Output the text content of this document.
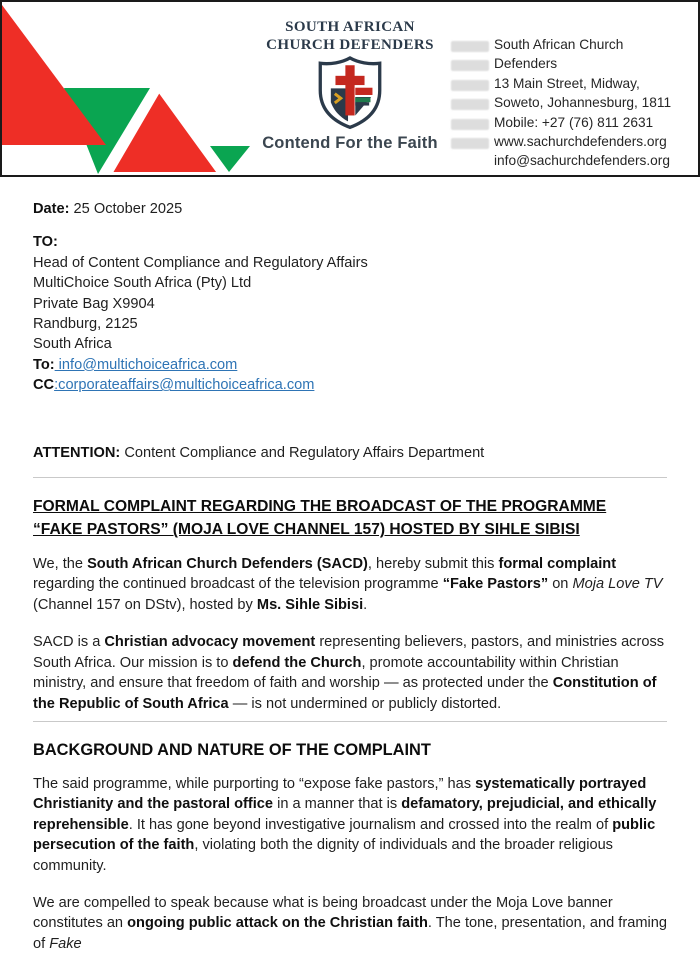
SOUTH AFRICAN
CHURCH DEFENDERS
Contend For the Faith
South African Church Defenders
13 Main Street, Midway,
Soweto, Johannesburg, 1811
Mobile: +27 (76) 811 2631
www.sachurchdefenders.org
info@sachurchdefenders.org
Date: 25 October 2025
TO:
Head of Content Compliance and Regulatory Affairs
MultiChoice South Africa (Pty) Ltd
Private Bag X9904
Randburg, 2125
South Africa
To: info@multichoiceafrica.com
CC:corporateaffairs@multichoiceafrica.com
ATTENTION: Content Compliance and Regulatory Affairs Department
FORMAL COMPLAINT REGARDING THE BROADCAST OF THE PROGRAMME
“FAKE PASTORS” (MOJA LOVE CHANNEL 157) HOSTED BY SIHLE SIBISI

We, the South African Church Defenders (SACD), hereby submit this formal complaint regarding the continued broadcast of the television programme “Fake Pastors” on Moja Love TV (Channel 157 on DStv), hosted by Ms. Sihle Sibisi.

SACD is a Christian advocacy movement representing believers, pastors, and ministries across South Africa. Our mission is to defend the Church, promote accountability within Christian ministry, and ensure that freedom of faith and worship — as protected under the Constitution of the Republic of South Africa — is not undermined or publicly distorted.

BACKGROUND AND NATURE OF THE COMPLAINT

The said programme, while purporting to “expose fake pastors,” has systematically portrayed Christianity and the pastoral office in a manner that is defamatory, prejudicial, and ethically reprehensible. It has gone beyond investigative journalism and crossed into the realm of public persecution of the faith, violating both the dignity of individuals and the broader religious community.

We are compelled to speak because what is being broadcast under the Moja Love banner constitutes an ongoing public attack on the Christian faith. The tone, presentation, and framing of Fake
